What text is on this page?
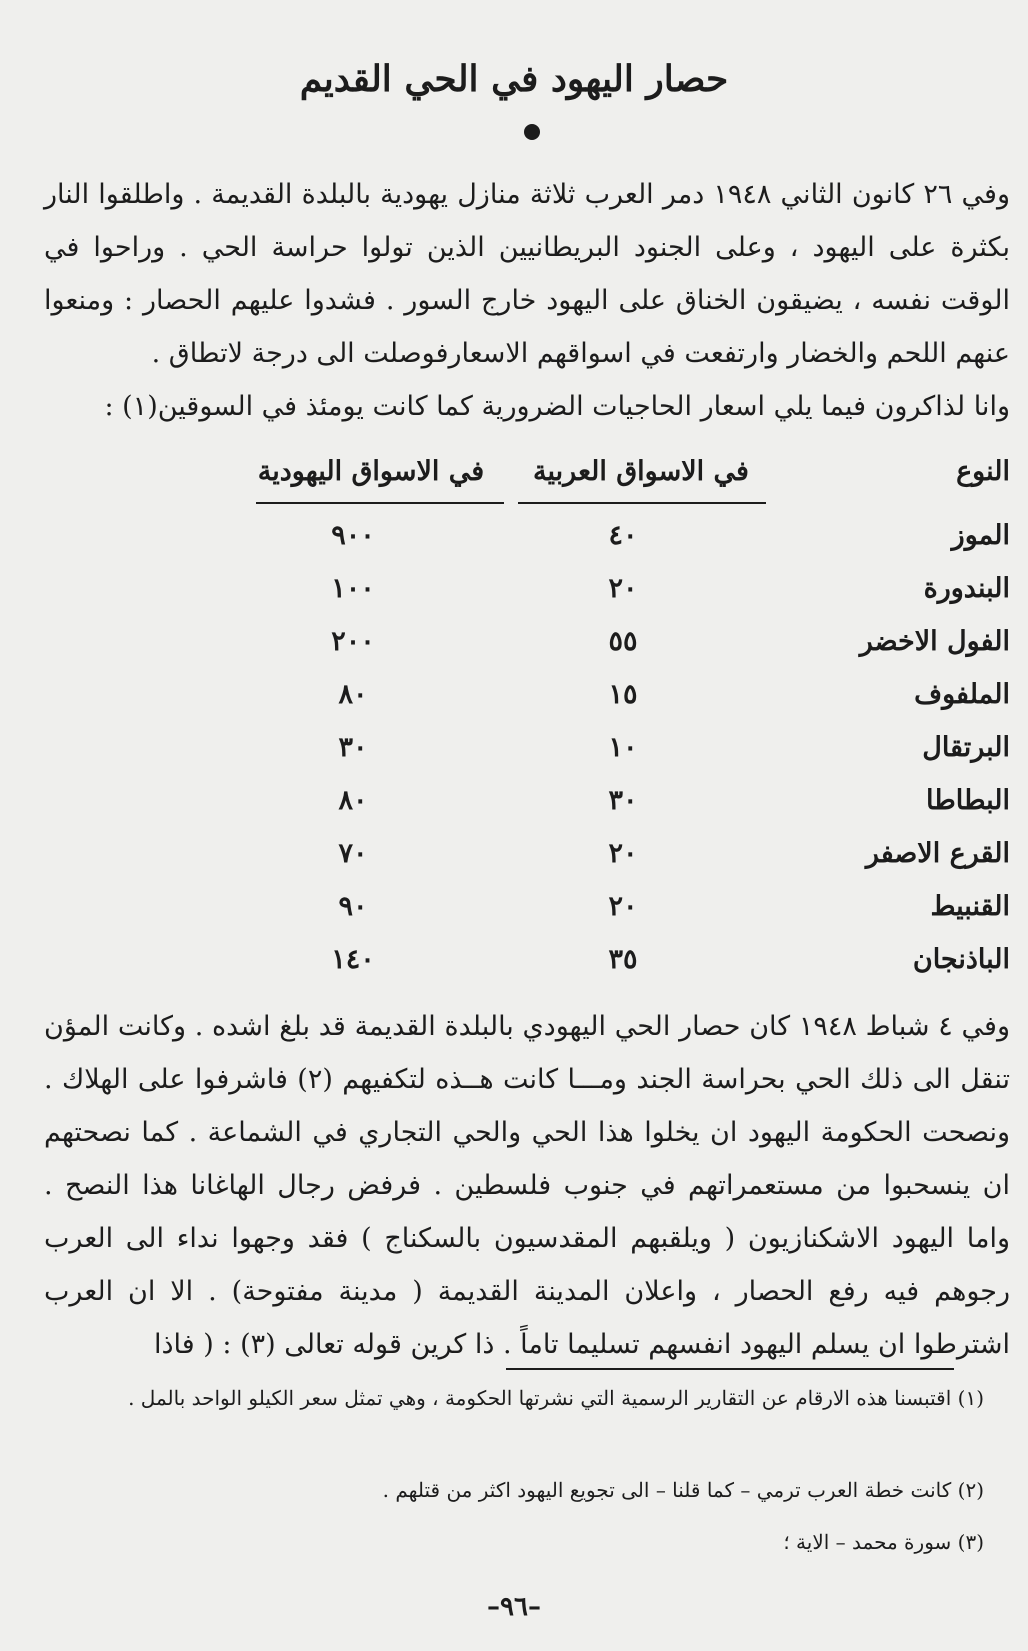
حصار اليهود في الحي القديم

وفي ٢٦ كانون الثاني ١٩٤٨ دمر العرب ثلاثة منازل يهودية بالبلدة القديمة . واطلقوا النار بكثرة على اليهود ، وعلى الجنود البريطانيين الذين تولوا حراسة الحي . وراحوا في الوقت نفسه ، يضيقون الخناق على اليهود خارج السور . فشدوا عليهم الحصار : ومنعوا عنهم اللحم والخضار وارتفعت في اسواقهم الاسعارفوصلت الى درجة لاتطاق .

وانا لذاكرون فيما يلي اسعار الحاجيات الضرورية كما كانت يومئذ في السوقين(١) :

النوع
في الاسواق العربية
في الاسواق اليهودية
الموز
٤٠
٩٠٠
البندورة
٢٠
١٠٠
الفول الاخضر
٥٥
٢٠٠
الملفوف
١٥
٨٠
البرتقال
١٠
٣٠
البطاطا
٣٠
٨٠
القرع الاصفر
٢٠
٧٠
القنبيط
٢٠
٩٠
الباذنجان
٣٥
١٤٠

وفي ٤ شباط ١٩٤٨ كان حصار الحي اليهودي بالبلدة القديمة قد بلغ اشده . وكانت المؤن تنقل الى ذلك الحي بحراسة الجند ومـــا كانت هــذه لتكفيهم (٢) فاشرفوا على الهلاك . ونصحت الحكومة اليهود ان يخلوا هذا الحي والحي التجاري في الشماعة . كما نصحتهم ان ينسحبوا من مستعمراتهم في جنوب فلسطين . فرفض رجال الهاغانا هذا النصح . واما اليهود الاشكنازيون ( ويلقبهم المقدسيون بالسكناج ) فقد وجهوا نداء الى العرب رجوهم فيه رفع الحصار ، واعلان المدينة القديمة ( مدينة مفتوحة) . الا ان العرب اشترطوا ان يسلم اليهود انفسهم تسليما تاماً . ذا كرين قوله تعالى (٣) : ( فاذا

(١) اقتبسنا هذه الارقام عن التقارير الرسمية التي نشرتها الحكومة ، وهي تمثل سعر الكيلو الواحد بالمل .
(٢) كانت خطة العرب ترمي – كما قلنا – الى تجويع اليهود اكثر من قتلهم .
(٣) سورة محمد – الاية ؛
–٩٦–
